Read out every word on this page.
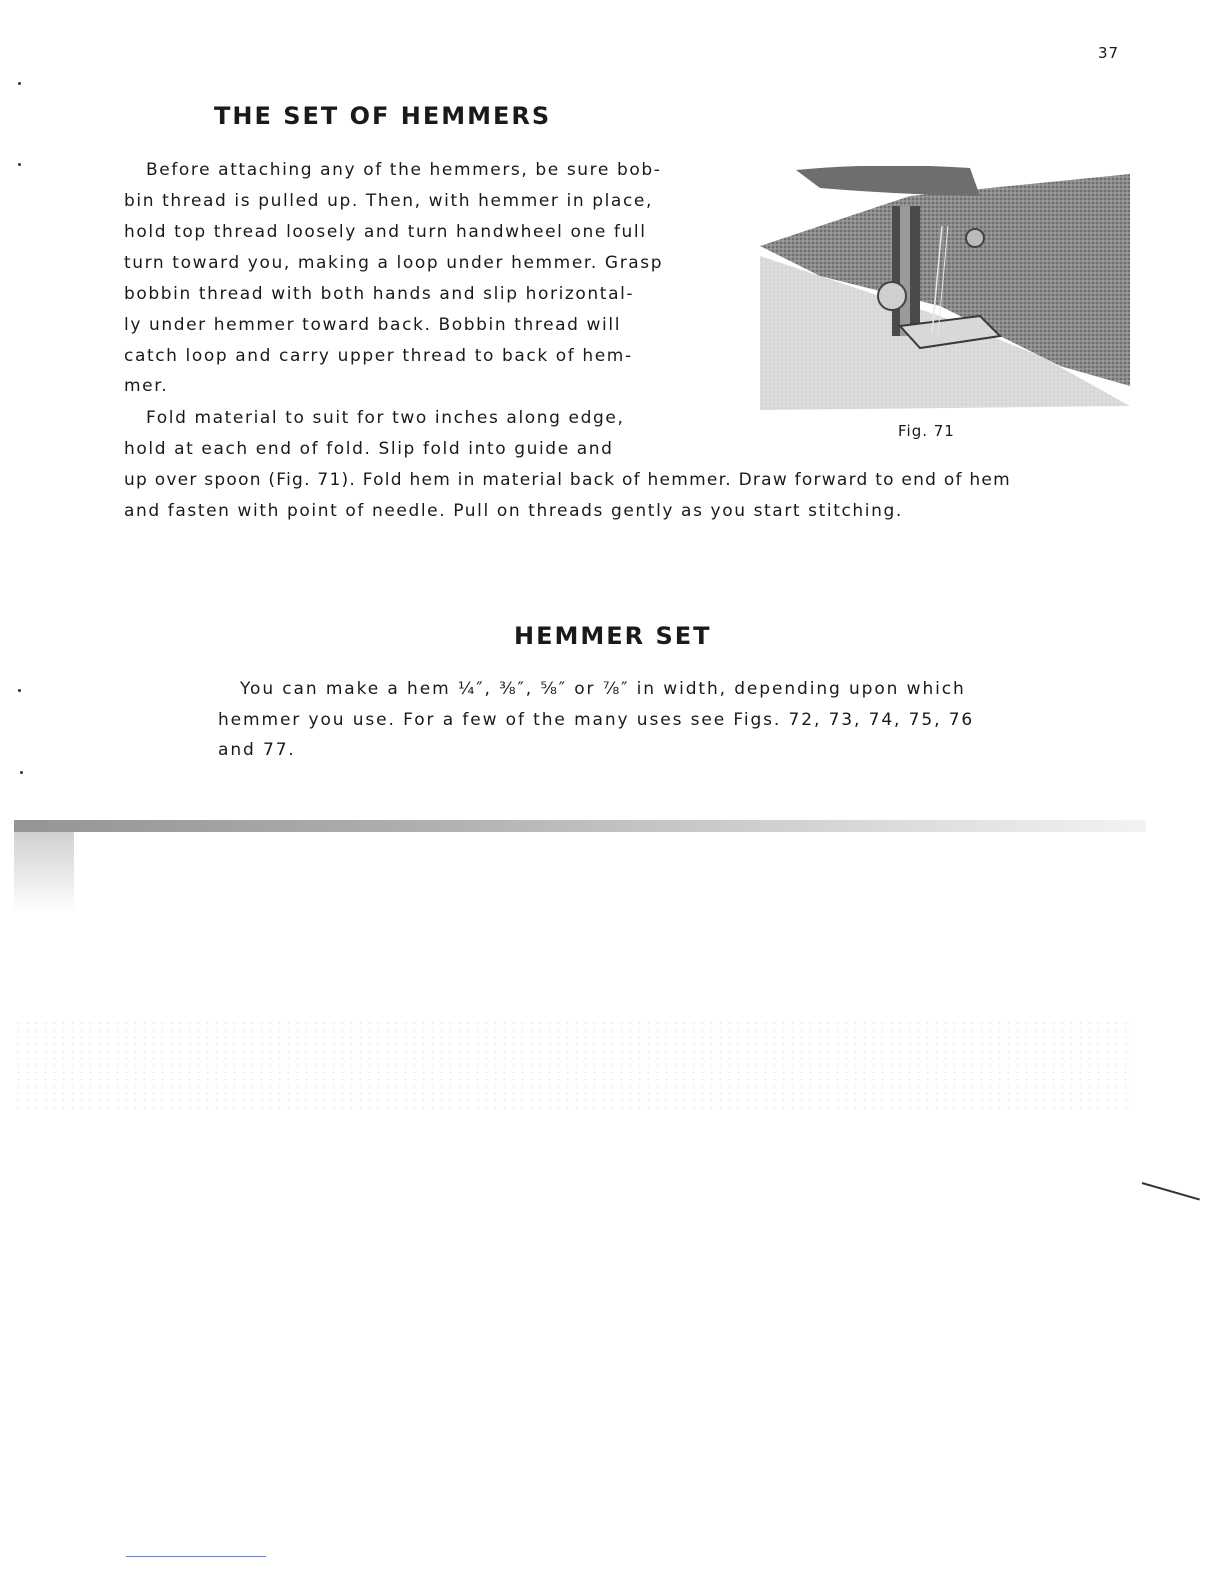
37
THE SET OF HEMMERS
Before attaching any of the hemmers, be sure bob-
bin thread is pulled up. Then, with hemmer in place,
hold top thread loosely and turn handwheel one full
turn toward you, making a loop under hemmer. Grasp
bobbin thread with both hands and slip horizontal-
ly under hemmer toward back. Bobbin thread will
catch loop and carry upper thread to back of hem-
mer.
Fold material to suit for two inches along edge,
hold at each end of fold. Slip fold into guide and
up over spoon (Fig. 71). Fold hem in material back of hemmer. Draw forward to end of hem
and fasten with point of needle. Pull on threads gently as you start stitching.
Fig. 71
HEMMER SET
You can make a hem ¼″, ⅜″, ⅝″ or ⅞″ in width, depending upon which
hemmer you use. For a few of the many uses see Figs. 72, 73, 74, 75, 76
and 77.
